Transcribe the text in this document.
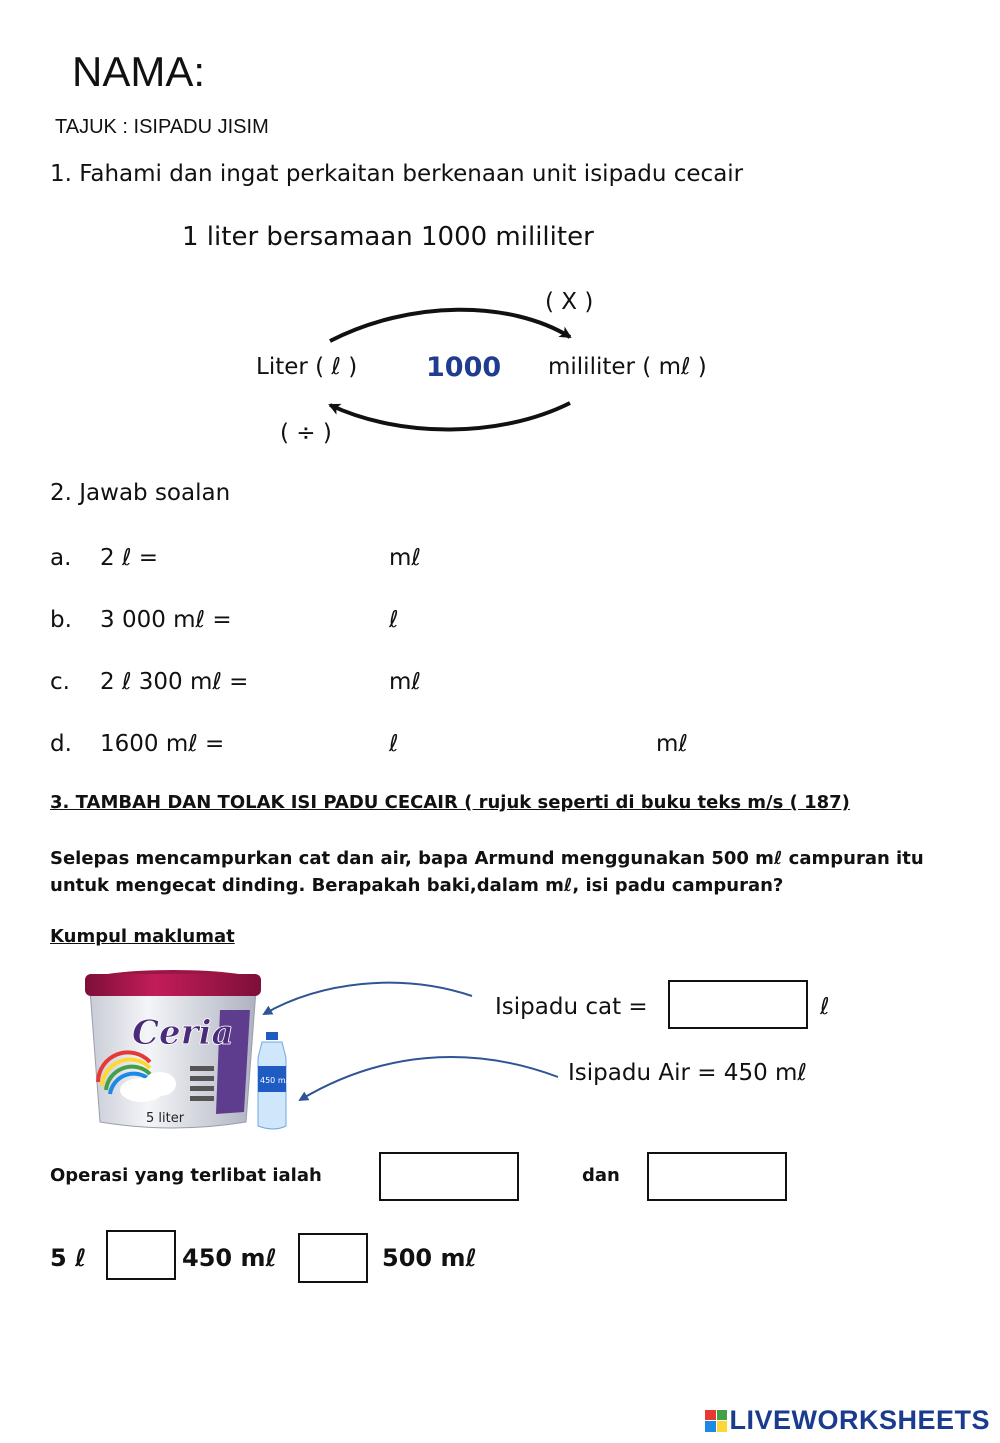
NAMA:
TAJUK : ISIPADU JISIM
1. Fahami dan ingat perkaitan berkenaan unit isipadu cecair
1 liter bersamaan 1000 mililiter
( X )
Liter ( ℓ )	1000 mililiter ( mℓ )
( ÷ )
2. Jawab soalan
a. 2 ℓ =	mℓ
b. 3 000 mℓ =	ℓ
c. 2 ℓ 300 mℓ =	mℓ
d. 1600 mℓ =	ℓ	mℓ
3. TAMBAH DAN TOLAK ISI PADU CECAIR ( rujuk seperti di buku teks m/s ( 187)
Selepas mencampurkan cat dan air, bapa Armund menggunakan 500 mℓ campuran itu untuk mengecat dinding. Berapakah baki,dalam mℓ, isi padu campuran?
Kumpul maklumat
Ceria
5 liter
450 mℓ
Isipadu cat =	ℓ
Isipadu Air = 450 mℓ
Operasi yang terlibat ialah	dan
5 ℓ	450 mℓ	500 mℓ
LIVEWORKSHEETS
